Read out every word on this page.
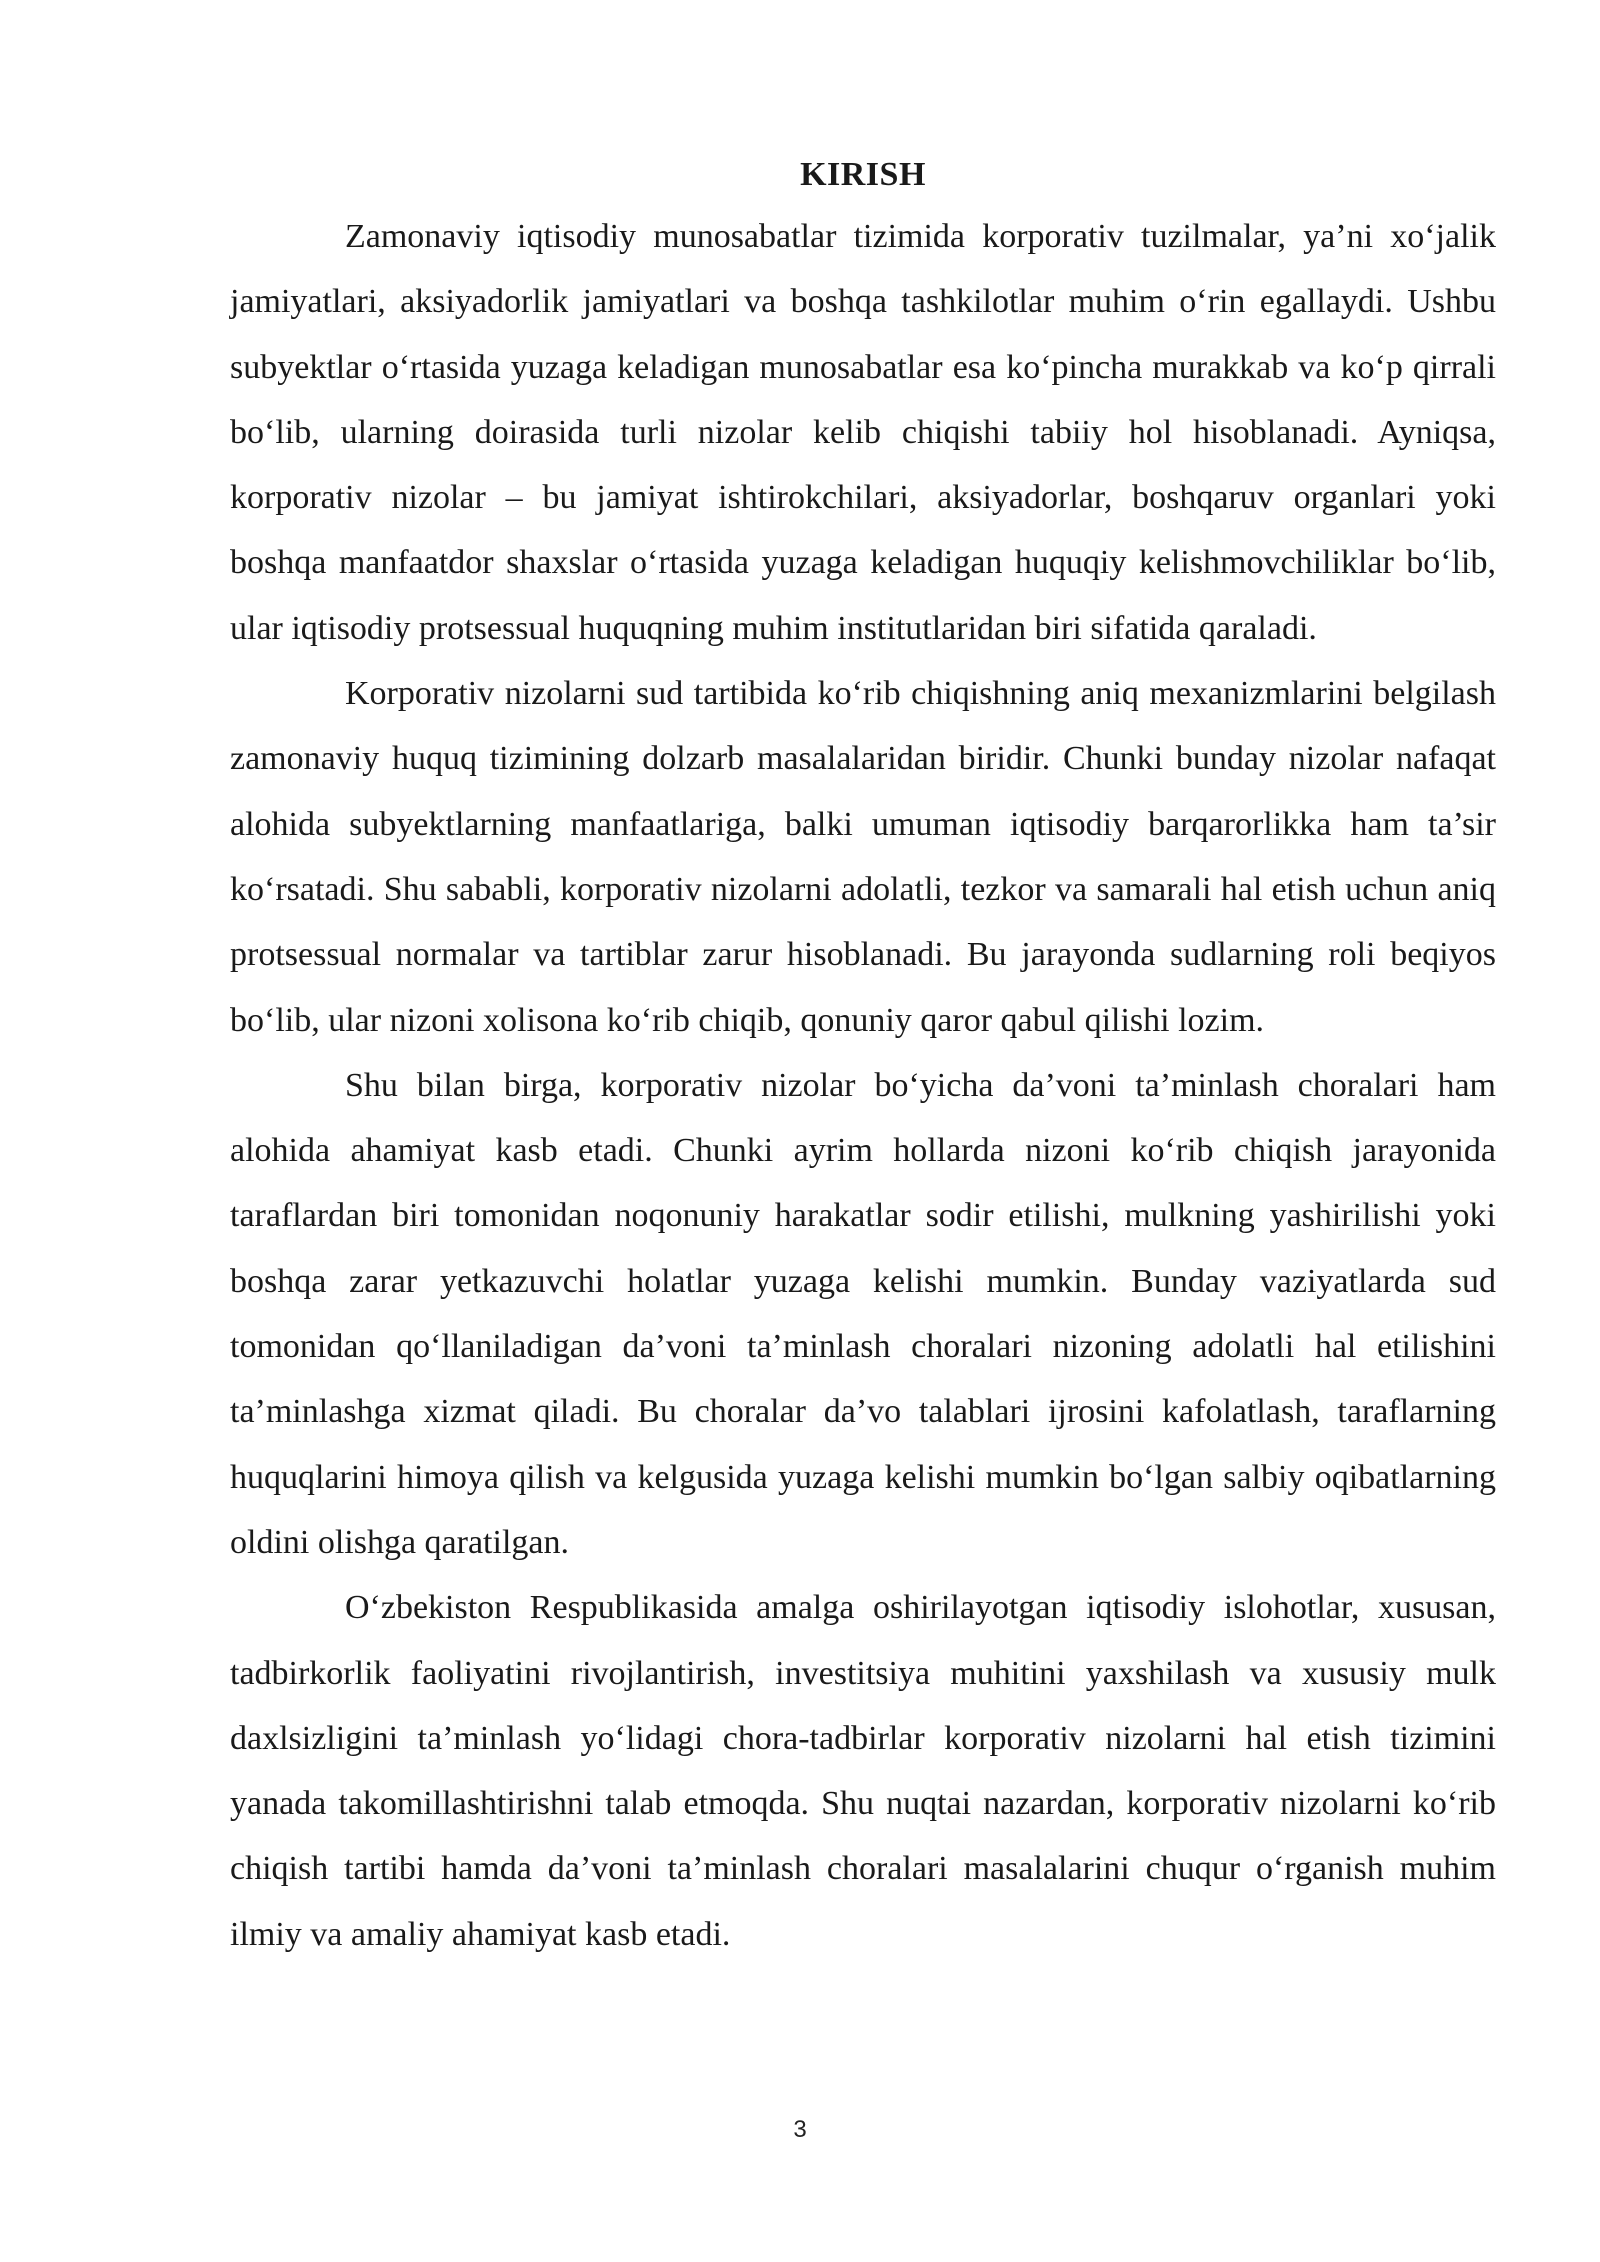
KIRISH

Zamonaviy iqtisodiy munosabatlar tizimida korporativ tuzilmalar, ya’ni xo‘jalik jamiyatlari, aksiyadorlik jamiyatlari va boshqa tashkilotlar muhim o‘rin egallaydi. Ushbu subyektlar o‘rtasida yuzaga keladigan munosabatlar esa ko‘pincha murakkab va ko‘p qirrali bo‘lib, ularning doirasida turli nizolar kelib chiqishi tabiiy hol hisoblanadi. Ayniqsa, korporativ nizolar – bu jamiyat ishtirokchilari, aksiyadorlar, boshqaruv organlari yoki boshqa manfaatdor shaxslar o‘rtasida yuzaga keladigan huquqiy kelishmovchiliklar bo‘lib, ular iqtisodiy protsessual huquqning muhim institutlaridan biri sifatida qaraladi.

Korporativ nizolarni sud tartibida ko‘rib chiqishning aniq mexanizmlarini belgilash zamonaviy huquq tizimining dolzarb masalalaridan biridir. Chunki bunday nizolar nafaqat alohida subyektlarning manfaatlariga, balki umuman iqtisodiy barqarorlikka ham ta’sir ko‘rsatadi. Shu sababli, korporativ nizolarni adolatli, tezkor va samarali hal etish uchun aniq protsessual normalar va tartiblar zarur hisoblanadi. Bu jarayonda sudlarning roli beqiyos bo‘lib, ular nizoni xolisona ko‘rib chiqib, qonuniy qaror qabul qilishi lozim.

Shu bilan birga, korporativ nizolar bo‘yicha da’voni ta’minlash choralari ham alohida ahamiyat kasb etadi. Chunki ayrim hollarda nizoni ko‘rib chiqish jarayonida taraflardan biri tomonidan noqonuniy harakatlar sodir etilishi, mulkning yashirilishi yoki boshqa zarar yetkazuvchi holatlar yuzaga kelishi mumkin. Bunday vaziyatlarda sud tomonidan qo‘llaniladigan da’voni ta’minlash choralari nizoning adolatli hal etilishini ta’minlashga xizmat qiladi. Bu choralar da’vo talablari ijrosini kafolatlash, taraflarning huquqlarini himoya qilish va kelgusida yuzaga kelishi mumkin bo‘lgan salbiy oqibatlarning oldini olishga qaratilgan.

O‘zbekiston Respublikasida amalga oshirilayotgan iqtisodiy islohotlar, xususan, tadbirkorlik faoliyatini rivojlantirish, investitsiya muhitini yaxshilash va xususiy mulk daxlsizligini ta’minlash yo‘lidagi chora-tadbirlar korporativ nizolarni hal etish tizimini yanada takomillashtirishni talab etmoqda. Shu nuqtai nazardan, korporativ nizolarni ko‘rib chiqish tartibi hamda da’voni ta’minlash choralari masalalarini chuqur o‘rganish muhim ilmiy va amaliy ahamiyat kasb etadi.

3
